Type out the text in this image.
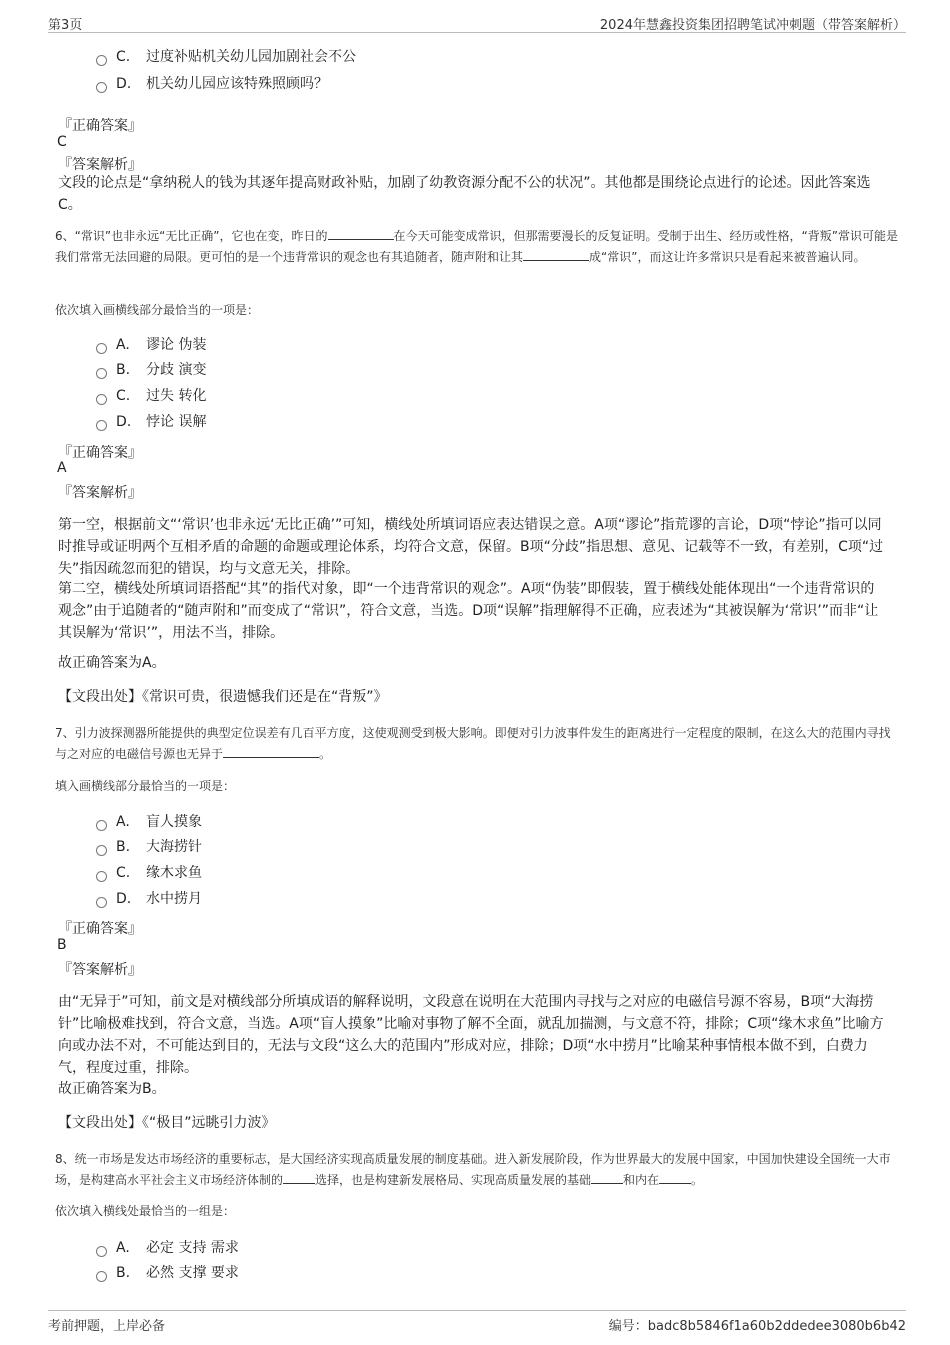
第3页	2024年慧鑫投资集团招聘笔试冲刺题（带答案解析）
C. 过度补贴机关幼儿园加剧社会不公
D. 机关幼儿园应该特殊照顾吗？
『正确答案』
C
『答案解析』
文段的论点是“拿纳税人的钱为其逐年提高财政补贴，加剧了幼教资源分配不公的状况”。其他都是围绕论点进行的论述。因此答案选C。
6、“常识”也非永远“无比正确”，它也在变，昨日的	在今天可能变成常识，但那需要漫长的反复证明。受制于出生、经历或性格，“背叛”常识可能是我们常常无法回避的局限。更可怕的是一个违背常识的观念也有其追随者，随声附和让其	成“常识”，而这让许多常识只是看起来被普遍认同。
依次填入画横线部分最恰当的一项是：
A. 谬论 伪装
B. 分歧 演变
C. 过失 转化
D. 悖论 误解
『正确答案』
A
『答案解析』
第一空，根据前文“‘常识’也非永远‘无比正确’”可知，横线处所填词语应表达错误之意。A项“谬论”指荒谬的言论，D项“悖论”指可以同时推导或证明两个互相矛盾的命题的命题或理论体系，均符合文意，保留。B项“分歧”指思想、意见、记载等不一致，有差别，C项“过失”指因疏忽而犯的错误，均与文意无关，排除。
第二空，横线处所填词语搭配“其”的指代对象，即“一个违背常识的观念”。A项“伪装”即假装，置于横线处能体现出“一个违背常识的观念”由于追随者的“随声附和”而变成了“常识”，符合文意，当选。D项“误解”指理解得不正确，应表述为“其被误解为‘常识’”而非“让其误解为‘常识’”，用法不当，排除。
故正确答案为A。
【文段出处】《常识可贵，很遗憾我们还是在“背叛”》
7、引力波探测器所能提供的典型定位误差有几百平方度，这使观测受到极大影响。即便对引力波事件发生的距离进行一定程度的限制，在这么大的范围内寻找与之对应的电磁信号源也无异于	。
填入画横线部分最恰当的一项是：
A. 盲人摸象
B. 大海捞针
C. 缘木求鱼
D. 水中捞月
『正确答案』
B
『答案解析』
由“无异于”可知，前文是对横线部分所填成语的解释说明，文段意在说明在大范围内寻找与之对应的电磁信号源不容易，B项“大海捞针”比喻极难找到，符合文意，当选。A项“盲人摸象”比喻对事物了解不全面，就乱加揣测，与文意不符，排除；C项“缘木求鱼”比喻方向或办法不对，不可能达到目的，无法与文段“这么大的范围内”形成对应，排除；D项“水中捞月”比喻某种事情根本做不到，白费力气，程度过重，排除。
故正确答案为B。
【文段出处】《“极目”远眺引力波》
8、统一市场是发达市场经济的重要标志，是大国经济实现高质量发展的制度基础。进入新发展阶段，作为世界最大的发展中国家，中国加快建设全国统一大市场，是构建高水平社会主义市场经济体制的	选择，也是构建新发展格局、实现高质量发展的基础	和内在	。
依次填入横线处最恰当的一组是：
A. 必定 支持 需求
B. 必然 支撑 要求
考前押题，上岸必备	编号：badc8b5846f1a60b2ddedee3080b6b42
